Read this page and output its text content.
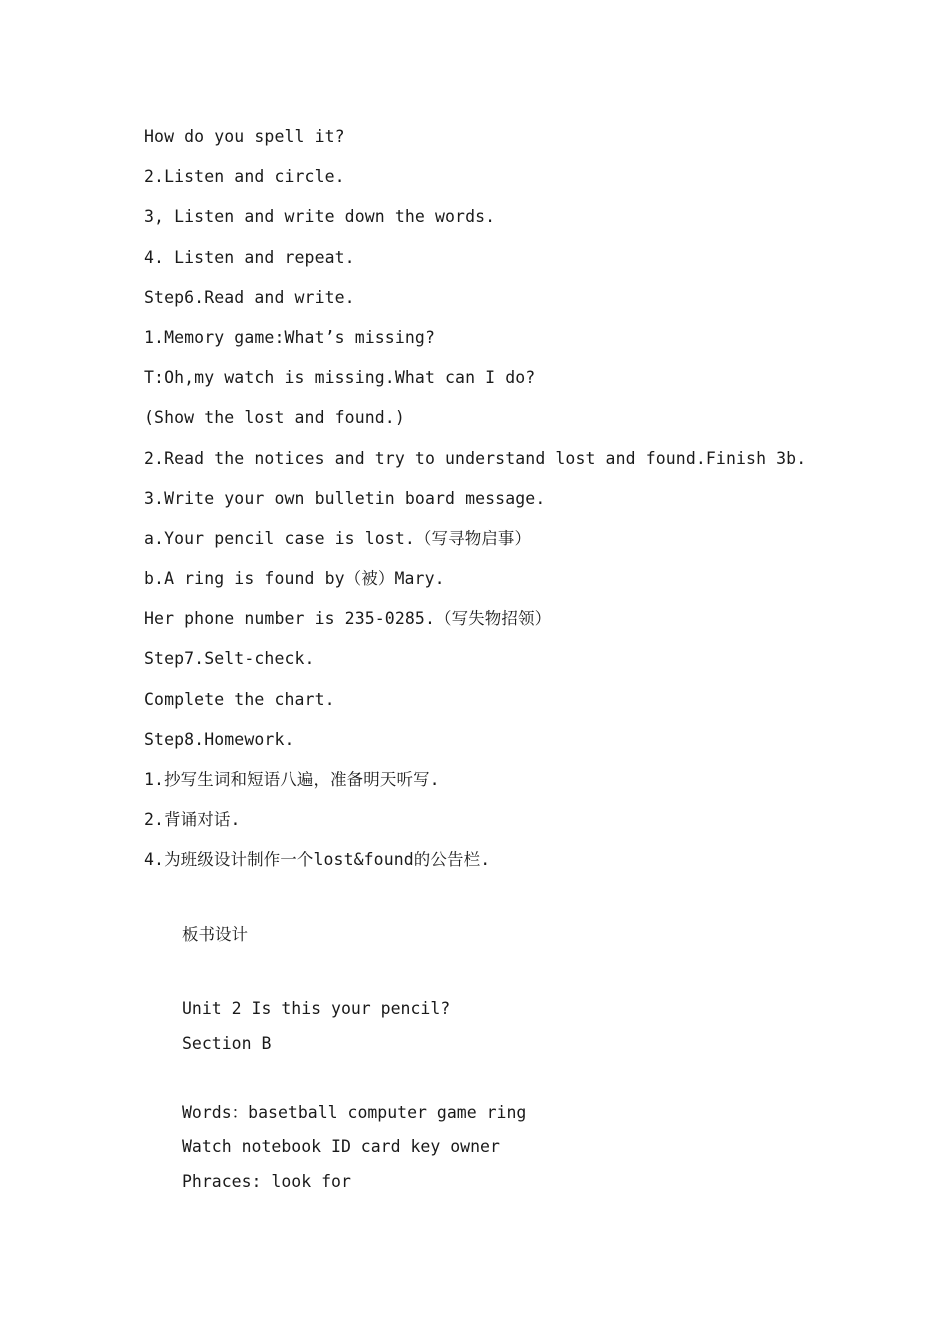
How do you spell it?
2.Listen and circle.
3, Listen and write down the words.
4. Listen and repeat.
Step6.Read and write.
1.Memory game:What’s missing?
T:Oh,my watch is missing.What can I do?
(Show the lost and found.)
2.Read the notices and try to understand lost and found.Finish 3b.
3.Write your own bulletin board message.
a.Your pencil case is lost.（写寻物启事）
b.A ring is found by（被）Mary.
Her phone number is 235-0285.（写失物招领）
Step7.Selt-check.
Complete the chart.
Step8.Homework.
1.抄写生词和短语八遍，准备明天听写.
2.背诵对话.
4.为班级设计制作一个lost&found的公告栏.
板书设计
Unit 2 Is this your pencil?
Section B
Words：basetball computer game ring
Watch notebook ID card key owner
Phraces: look for
